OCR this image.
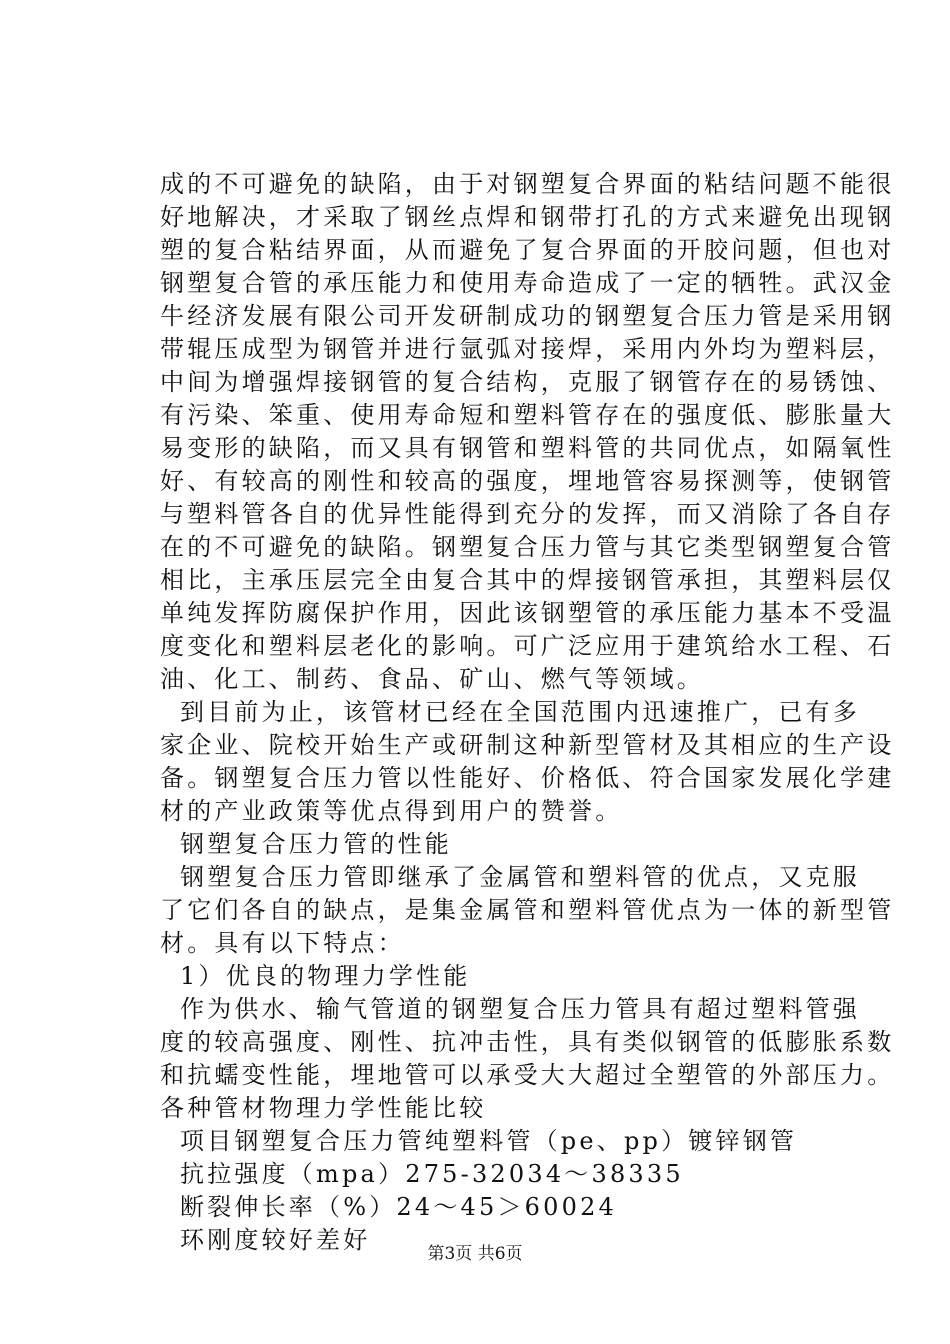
成的不可避免的缺陷，由于对钢塑复合界面的粘结问题不能很
好地解决，才采取了钢丝点焊和钢带打孔的方式来避免出现钢
塑的复合粘结界面，从而避免了复合界面的开胶问题，但也对
钢塑复合管的承压能力和使用寿命造成了一定的牺牲。武汉金
牛经济发展有限公司开发研制成功的钢塑复合压力管是采用钢
带辊压成型为钢管并进行氩弧对接焊，采用内外均为塑料层，
中间为增强焊接钢管的复合结构，克服了钢管存在的易锈蚀、
有污染、笨重、使用寿命短和塑料管存在的强度低、膨胀量大
易变形的缺陷，而又具有钢管和塑料管的共同优点，如隔氧性
好、有较高的刚性和较高的强度，埋地管容易探测等，使钢管
与塑料管各自的优异性能得到充分的发挥，而又消除了各自存
在的不可避免的缺陷。钢塑复合压力管与其它类型钢塑复合管
相比，主承压层完全由复合其中的焊接钢管承担，其塑料层仅
单纯发挥防腐保护作用，因此该钢塑管的承压能力基本不受温
度变化和塑料层老化的影响。可广泛应用于建筑给水工程、石
油、化工、制药、食品、矿山、燃气等领域。
到目前为止，该管材已经在全国范围内迅速推广，已有多
家企业、院校开始生产或研制这种新型管材及其相应的生产设
备。钢塑复合压力管以性能好、价格低、符合国家发展化学建
材的产业政策等优点得到用户的赞誉。
钢塑复合压力管的性能
钢塑复合压力管即继承了金属管和塑料管的优点，又克服
了它们各自的缺点，是集金属管和塑料管优点为一体的新型管
材。具有以下特点：
1）优良的物理力学性能
作为供水、输气管道的钢塑复合压力管具有超过塑料管强
度的较高强度、刚性、抗冲击性，具有类似钢管的低膨胀系数
和抗蠕变性能，埋地管可以承受大大超过全塑管的外部压力。
各种管材物理力学性能比较
项目钢塑复合压力管纯塑料管（pe、pp）镀锌钢管
抗拉强度（mpa）275-32034～38335
断裂伸长率（%）24～45＞60024
环刚度较好差好	第3页 共6页
